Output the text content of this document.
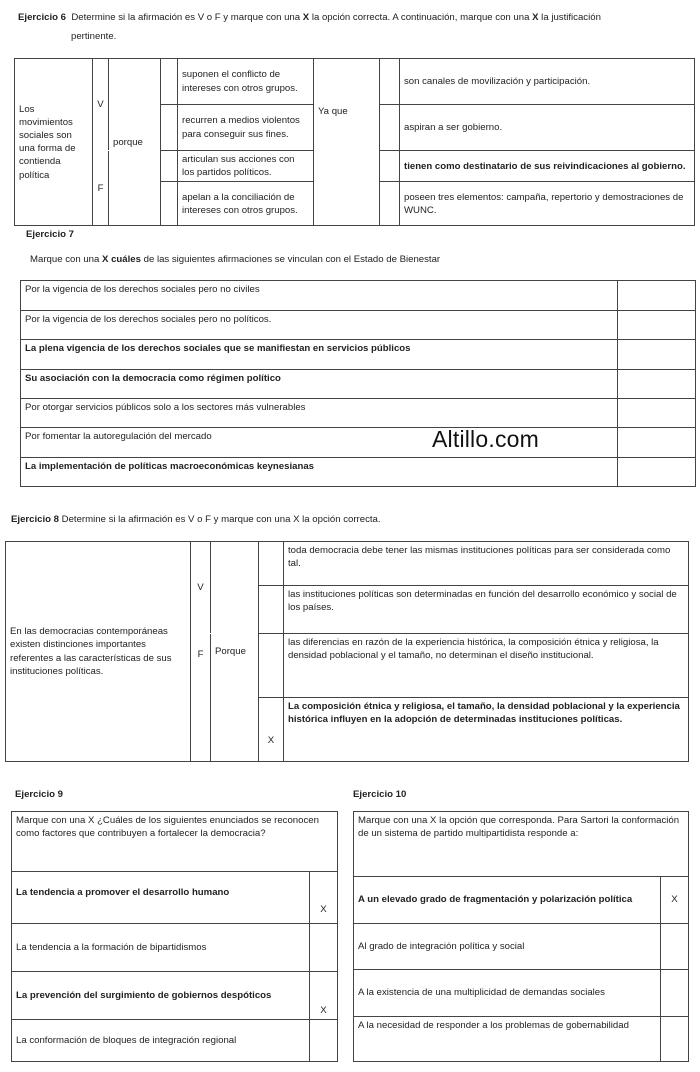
Ejercicio 6 Determine si la afirmación es V o F y marque con una X la opción correcta. A continuación, marque con una X la justificación
pertinente.
Los movimientos sociales son una forma de contienda política	V	porque		suponen el conflicto de intereses con otros grupos.	Ya que		son canales de movilización y participación.
				recurren a medios violentos para conseguir sus fines.			aspiran a ser gobierno.
	F			articulan sus acciones con los partidos políticos.			tienen como destinatario de sus reivindicaciones al gobierno.
				apelan a la conciliación de intereses con otros grupos.			poseen tres elementos: campaña, repertorio y demostraciones de WUNC.
Ejercicio 7
Marque con una X cuáles de las siguientes afirmaciones se vinculan con el Estado de Bienestar
Por la vigencia de los derechos sociales pero no civiles	
Por la vigencia de los derechos sociales pero no políticos.	
La plena vigencia de los derechos sociales que se manifiestan en servicios públicos	
Su asociación con la democracia como régimen político	
Por otorgar servicios públicos solo a los sectores más vulnerables	
Por fomentar la autoregulación del mercado	
La implementación de políticas macroeconómicas keynesianas	
Altillo.com
Ejercicio 8 Determine si la afirmación es V o F y marque con una X la opción correcta.
En las democracias contemporáneas existen distinciones importantes referentes a las características de sus instituciones políticas.	V	Porque		toda democracia debe tener las mismas instituciones políticas para ser considerada como tal.
				las instituciones políticas son determinadas en función del desarrollo económico y social de los países.
	F			las diferencias en razón de la experiencia histórica, la composición étnica y religiosa, la densidad poblacional y el tamaño, no determinan el diseño institucional.
			X	La composición étnica y religiosa, el tamaño, la densidad poblacional y la experiencia histórica influyen en la adopción de determinadas instituciones políticas.
Ejercicio 9
Marque con una X ¿Cuáles de los siguientes enunciados se reconocen como factores que contribuyen a fortalecer la democracia?	
La tendencia a promover el desarrollo humano	X
La tendencia a la formación de bipartidismos	
La prevención del surgimiento de gobiernos despóticos	X
La conformación de bloques de integración regional	
Ejercicio 10
Marque con una X la opción que corresponda. Para Sartori la conformación de un sistema de partido multipartidista responde a:	
A un elevado grado de fragmentación y polarización política	X
Al grado de integración política y social	
A la existencia de una multiplicidad de demandas sociales	
A la necesidad de responder a los problemas de gobernabilidad	
